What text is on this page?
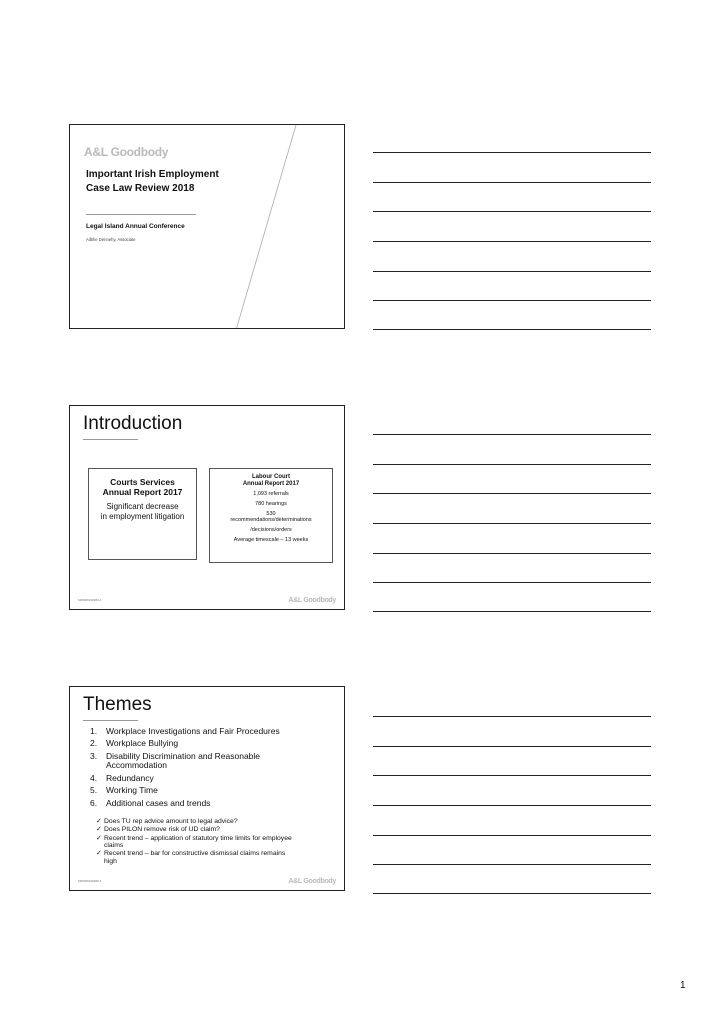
A&L Goodbody
Important Irish Employment
Case Law Review 2018
Legal Island Annual Conference
Ailbhe Dennehy, Associate
Introduction
Courts Services
Annual Report 2017
Significant decrease
in employment litigation
Labour Court
Annual Report 2017
1,093 referrals
780 hearings
530
recommendations/determinations
/decisions/orders
Average timescale – 13 weeks
M#####23###0-1	A&L Goodbody
Themes
1. Workplace Investigations and Fair Procedures
2. Workplace Bullying
3. Disability Discrimination and Reasonable Accommodation
4. Redundancy
5. Working Time
6. Additional cases and trends
✓ Does TU rep advice amount to legal advice?
✓ Does PILON remove risk of UD claim?
✓ Recent trend – application of statutory time limits for employee claims
✓ Recent trend – bar for constructive dismissal claims remains high
M#####23###0-1	A&L Goodbody
1
